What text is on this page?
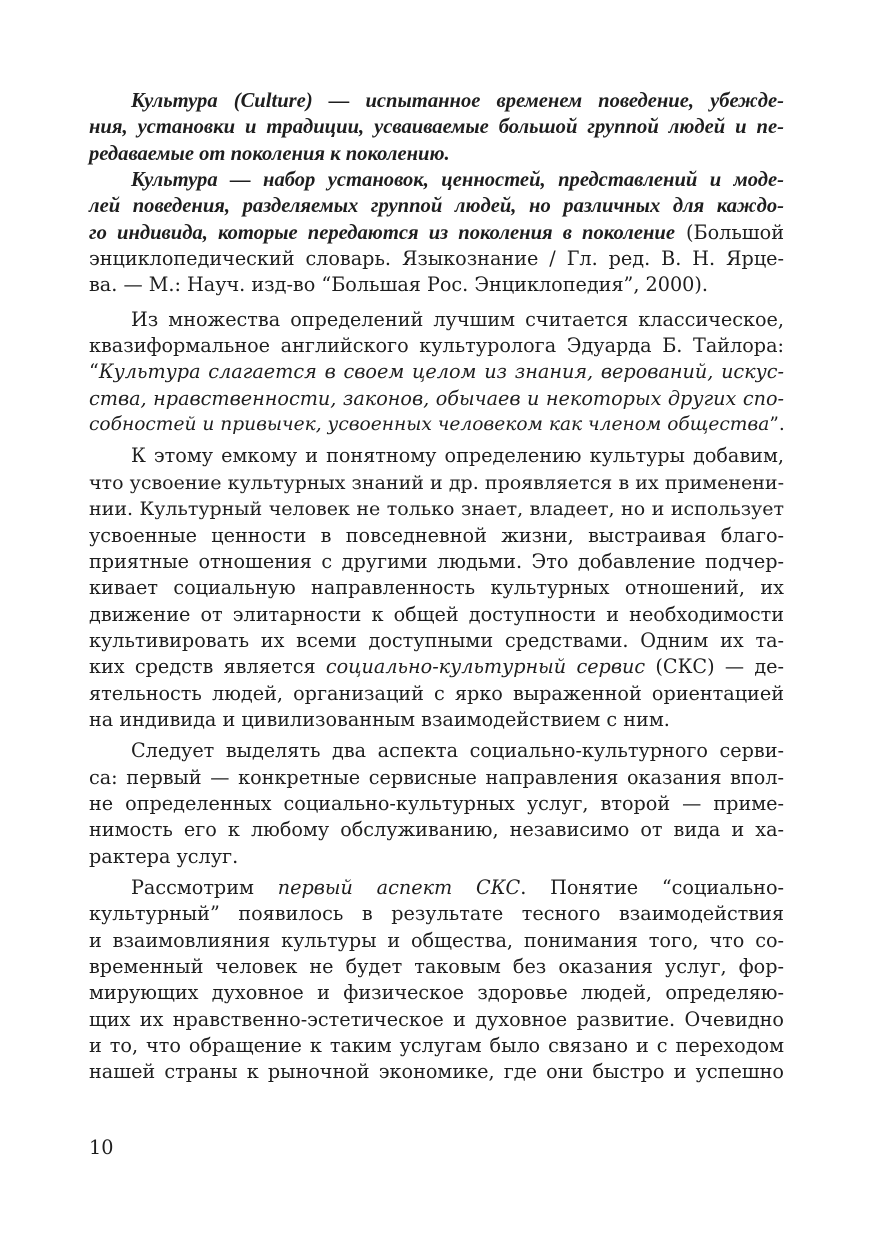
Культура (Culture) — испытанное временем поведение, убежде-
ния, установки и традиции, усваиваемые большой группой людей и пе-
редаваемые от поколения к поколению.
Культура — набор установок, ценностей, представлений и моде-
лей поведения, разделяемых группой людей, но различных для каждо-
го индивида, которые передаются из поколения в поколение (Большой
энциклопедический словарь. Языкознание / Гл. ред. В. Н. Ярце-
ва. — М.: Науч. изд-во “Большая Рос. Энциклопедия”, 2000).
Из множества определений лучшим считается классическое,
квазиформальное английского культуролога Эдуарда Б. Тайлора:
“Культура слагается в своем целом из знания, верований, искус-
ства, нравственности, законов, обычаев и некоторых других спо-
собностей и привычек, усвоенных человеком как членом общества”.
К этому емкому и понятному определению культуры добавим,
что усвоение культурных знаний и др. проявляется в их применени-
нии. Культурный человек не только знает, владеет, но и использует
усвоенные ценности в повседневной жизни, выстраивая благо-
приятные отношения с другими людьми. Это добавление подчер-
кивает социальную направленность культурных отношений, их
движение от элитарности к общей доступности и необходимости
культивировать их всеми доступными средствами. Одним их та-
ких средств является социально-культурный сервис (СКС) — де-
ятельность людей, организаций с ярко выраженной ориентацией
на индивида и цивилизованным взаимодействием с ним.
Следует выделять два аспекта социально-культурного серви-
са: первый — конкретные сервисные направления оказания впол-
не определенных социально-культурных услуг, второй — приме-
нимость его к любому обслуживанию, независимо от вида и ха-
рактера услуг.
Рассмотрим первый аспект СКС. Понятие “социально-
культурный” появилось в результате тесного взаимодействия
и взаимовлияния культуры и общества, понимания того, что со-
временный человек не будет таковым без оказания услуг, фор-
мирующих духовное и физическое здоровье людей, определяю-
щих их нравственно-эстетическое и духовное развитие. Очевидно
и то, что обращение к таким услугам было связано и с переходом
нашей страны к рыночной экономике, где они быстро и успешно
10
